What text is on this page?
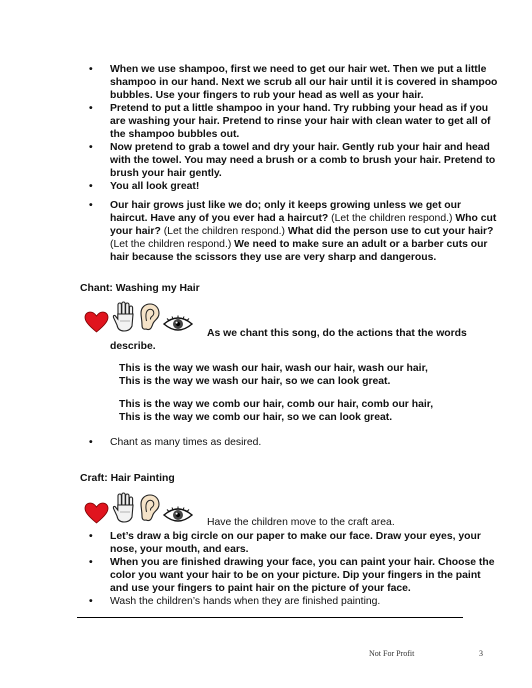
• When we use shampoo, first we need to get our hair wet. Then we put a little shampoo in our hand. Next we scrub all our hair until it is covered in shampoo bubbles. Use your fingers to rub your head as well as your hair.
• Pretend to put a little shampoo in your hand. Try rubbing your head as if you are washing your hair. Pretend to rinse your hair with clean water to get all of the shampoo bubbles out.
• Now pretend to grab a towel and dry your hair. Gently rub your hair and head with the towel. You may need a brush or a comb to brush your hair. Pretend to brush your hair gently.
• You all look great!
• Our hair grows just like we do; only it keeps growing unless we get our haircut. Have any of you ever had a haircut? (Let the children respond.) Who cut your hair? (Let the children respond.) What did the person use to cut your hair? (Let the children respond.) We need to make sure an adult or a barber cuts our hair because the scissors they use are very sharp and dangerous.
Chant: Washing my Hair
As we chant this song, do the actions that the words
describe.
This is the way we wash our hair, wash our hair, wash our hair,
This is the way we wash our hair, so we can look great.
This is the way we comb our hair, comb our hair, comb our hair,
This is the way we comb our hair, so we can look great.
• Chant as many times as desired.
Craft: Hair Painting
Have the children move to the craft area.
• Let’s draw a big circle on our paper to make our face. Draw your eyes, your nose, your mouth, and ears.
• When you are finished drawing your face, you can paint your hair. Choose the color you want your hair to be on your picture. Dip your fingers in the paint and use your fingers to paint hair on the picture of your face.
• Wash the children’s hands when they are finished painting.
Not For Profit	3
